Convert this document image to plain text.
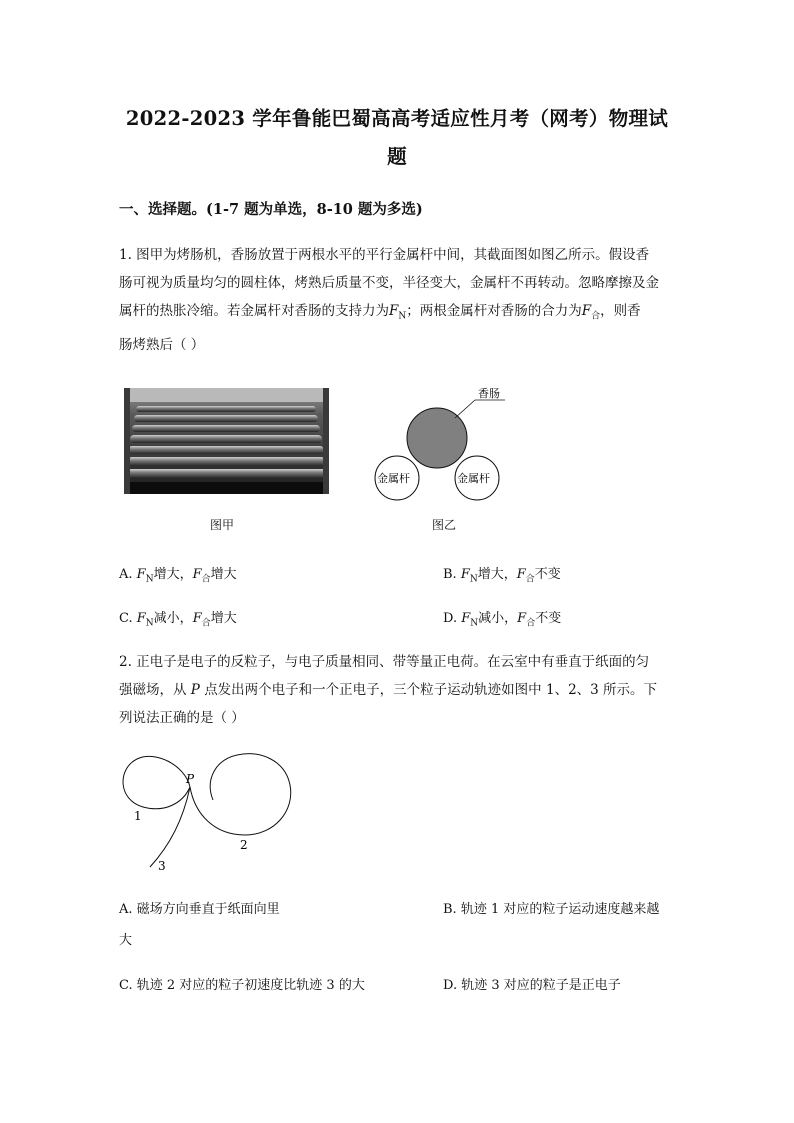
2022-2023 学年鲁能巴蜀高高考适应性月考（网考）物理试
题
一、选择题。(1-7 题为单选，8-10 题为多选)
1. 图甲为烤肠机，香肠放置于两根水平的平行金属杆中间，其截面图如图乙所示。假设香
肠可视为质量均匀的圆柱体，烤熟后质量不变，半径变大，金属杆不再转动。忽略摩擦及金
属杆的热胀冷缩。若金属杆对香肠的支持力为$F_N$；两根金属杆对香肠的合力为$F_合$，则香
肠烤熟后（ ）
图甲
香肠
金属杆	金属杆
图乙
A. $F_N$增大，$F_合$增大	B. $F_N$增大，$F_合$不变
C. $F_N$减小，$F_合$增大	D. $F_N$减小，$F_合$不变
2. 正电子是电子的反粒子，与电子质量相同、带等量正电荷。在云室中有垂直于纸面的匀
强磁场，从 P 点发出两个电子和一个正电子，三个粒子运动轨迹如图中 1、2、3 所示。下
列说法正确的是（ ）
P
1
2
3
A. 磁场方向垂直于纸面向里	B. 轨迹 1 对应的粒子运动速度越来越
大
C. 轨迹 2 对应的粒子初速度比轨迹 3 的大	D. 轨迹 3 对应的粒子是正电子
